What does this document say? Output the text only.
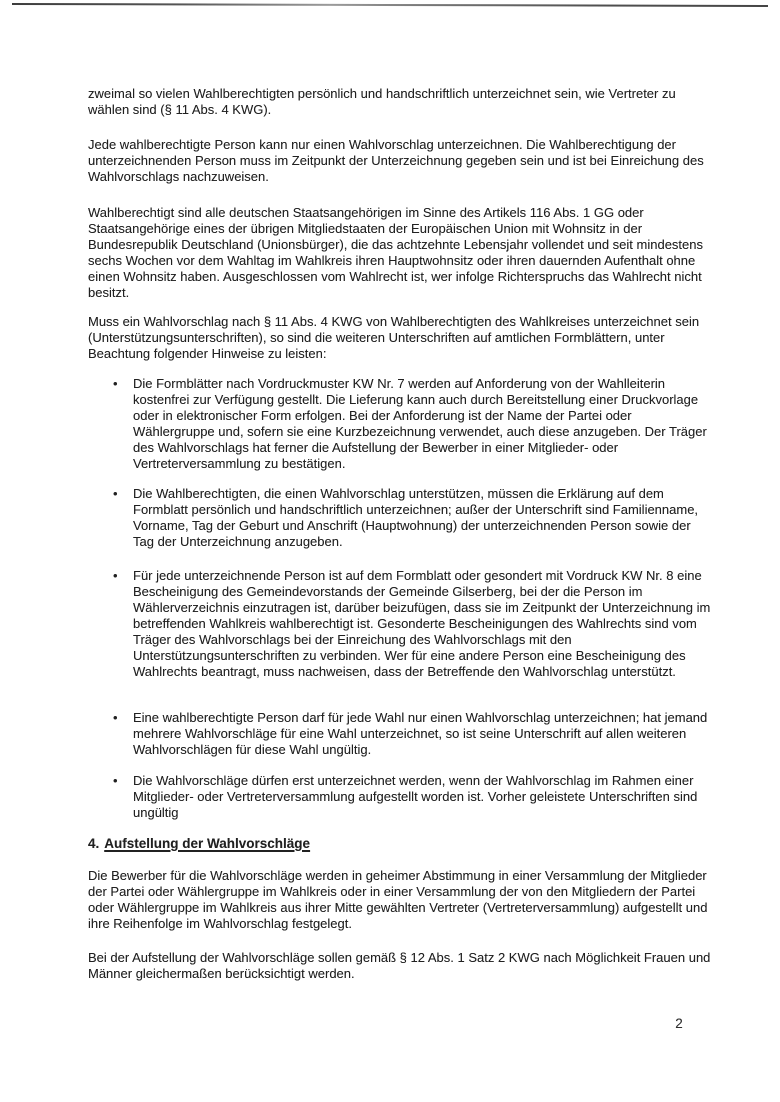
zweimal so vielen Wahlberechtigten persönlich und handschriftlich unterzeichnet sein, wie Vertreter zu wählen sind (§ 11 Abs. 4 KWG).

Jede wahlberechtigte Person kann nur einen Wahlvorschlag unterzeichnen. Die Wahlberechtigung der unterzeichnenden Person muss im Zeitpunkt der Unterzeichnung gegeben sein und ist bei Einreichung des Wahlvorschlags nachzuweisen.

Wahlberechtigt sind alle deutschen Staatsangehörigen im Sinne des Artikels 116 Abs. 1 GG oder Staatsangehörige eines der übrigen Mitgliedstaaten der Europäischen Union mit Wohnsitz in der Bundesrepublik Deutschland (Unionsbürger), die das achtzehnte Lebensjahr vollendet und seit mindestens sechs Wochen vor dem Wahltag im Wahlkreis ihren Hauptwohnsitz oder ihren dauernden Aufenthalt ohne einen Wohnsitz haben. Ausgeschlossen vom Wahlrecht ist, wer infolge Richterspruchs das Wahlrecht nicht besitzt.

Muss ein Wahlvorschlag nach § 11 Abs. 4 KWG von Wahlberechtigten des Wahlkreises unterzeichnet sein (Unterstützungsunterschriften), so sind die weiteren Unterschriften auf amtlichen Formblättern, unter Beachtung folgender Hinweise zu leisten:

•	Die Formblätter nach Vordruckmuster KW Nr. 7 werden auf Anforderung von der Wahlleiterin kostenfrei zur Verfügung gestellt. Die Lieferung kann auch durch Bereitstellung einer Druckvorlage oder in elektronischer Form erfolgen. Bei der Anforderung ist der Name der Partei oder Wählergruppe und, sofern sie eine Kurzbezeichnung verwendet, auch diese anzugeben. Der Träger des Wahlvorschlags hat ferner die Aufstellung der Bewerber in einer Mitglieder- oder Vertreterversammlung zu bestätigen.
•	Die Wahlberechtigten, die einen Wahlvorschlag unterstützen, müssen die Erklärung auf dem Formblatt persönlich und handschriftlich unterzeichnen; außer der Unterschrift sind Familienname, Vorname, Tag der Geburt und Anschrift (Hauptwohnung) der unterzeichnenden Person sowie der Tag der Unterzeichnung anzugeben.
•	Für jede unterzeichnende Person ist auf dem Formblatt oder gesondert mit Vordruck KW Nr. 8 eine Bescheinigung des Gemeindevorstands der Gemeinde Gilserberg, bei der die Person im Wählerverzeichnis einzutragen ist, darüber beizufügen, dass sie im Zeitpunkt der Unterzeichnung im betreffenden Wahlkreis wahlberechtigt ist. Gesonderte Bescheinigungen des Wahlrechts sind vom Träger des Wahlvorschlags bei der Einreichung des Wahlvorschlags mit den Unterstützungsunterschriften zu verbinden. Wer für eine andere Person eine Bescheinigung des Wahlrechts beantragt, muss nachweisen, dass der Betreffende den Wahlvorschlag unterstützt.
•	Eine wahlberechtigte Person darf für jede Wahl nur einen Wahlvorschlag unterzeichnen; hat jemand mehrere Wahlvorschläge für eine Wahl unterzeichnet, so ist seine Unterschrift auf allen weiteren Wahlvorschlägen für diese Wahl ungültig.
•	Die Wahlvorschläge dürfen erst unterzeichnet werden, wenn der Wahlvorschlag im Rahmen einer Mitglieder- oder Vertreterversammlung aufgestellt worden ist. Vorher geleistete Unterschriften sind ungültig
4. Aufstellung der Wahlvorschläge

Die Bewerber für die Wahlvorschläge werden in geheimer Abstimmung in einer Versammlung der Mitglieder der Partei oder Wählergruppe im Wahlkreis oder in einer Versammlung der von den Mitgliedern der Partei oder Wählergruppe im Wahlkreis aus ihrer Mitte gewählten Vertreter (Vertreterversammlung) aufgestellt und ihre Reihenfolge im Wahlvorschlag festgelegt.

Bei der Aufstellung der Wahlvorschläge sollen gemäß § 12 Abs. 1 Satz 2 KWG nach Möglichkeit Frauen und Männer gleichermaßen berücksichtigt werden.

2
